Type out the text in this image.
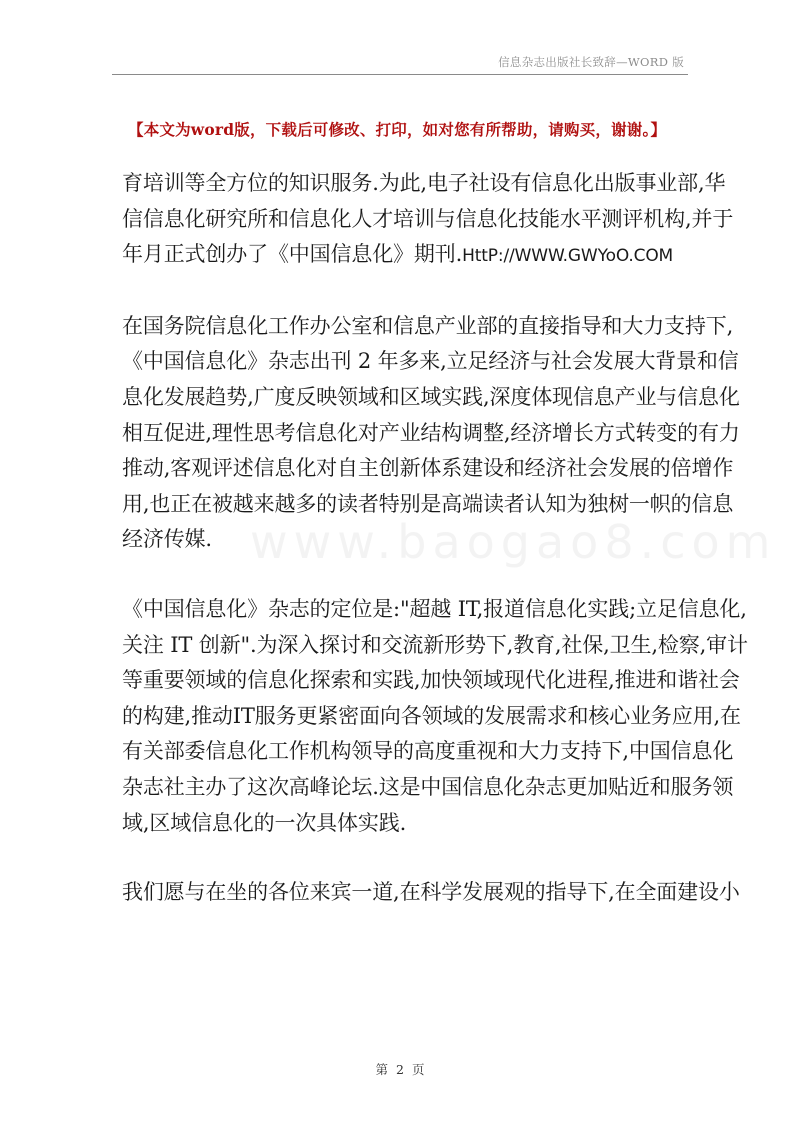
信息杂志出版社长致辞—WORD 版
【本文为word版，下载后可修改、打印，如对您有所帮助，请购买，谢谢。】
www.baogao8.com

育培训等全方位的知识服务.为此,电子社设有信息化出版事业部,华
信信息化研究所和信息化人才培训与信息化技能水平测评机构,并于
年月正式创办了《中国信息化》期刊.HttP://WWW.GWYoO.COM

在国务院信息化工作办公室和信息产业部的直接指导和大力支持下,
《中国信息化》杂志出刊 2 年多来,立足经济与社会发展大背景和信
息化发展趋势,广度反映领域和区域实践,深度体现信息产业与信息化
相互促进,理性思考信息化对产业结构调整,经济增长方式转变的有力
推动,客观评述信息化对自主创新体系建设和经济社会发展的倍增作
用,也正在被越来越多的读者特别是高端读者认知为独树一帜的信息
经济传媒.

《中国信息化》杂志的定位是:"超越 IT,报道信息化实践;立足信息化,
关注 IT 创新".为深入探讨和交流新形势下,教育,社保,卫生,检察,审计
等重要领域的信息化探索和实践,加快领域现代化进程,推进和谐社会
的构建,推动IT服务更紧密面向各领域的发展需求和核心业务应用,在
有关部委信息化工作机构领导的高度重视和大力支持下,中国信息化
杂志社主办了这次高峰论坛.这是中国信息化杂志更加贴近和服务领
域,区域信息化的一次具体实践.

我们愿与在坐的各位来宾一道,在科学发展观的指导下,在全面建设小

第 2 页
